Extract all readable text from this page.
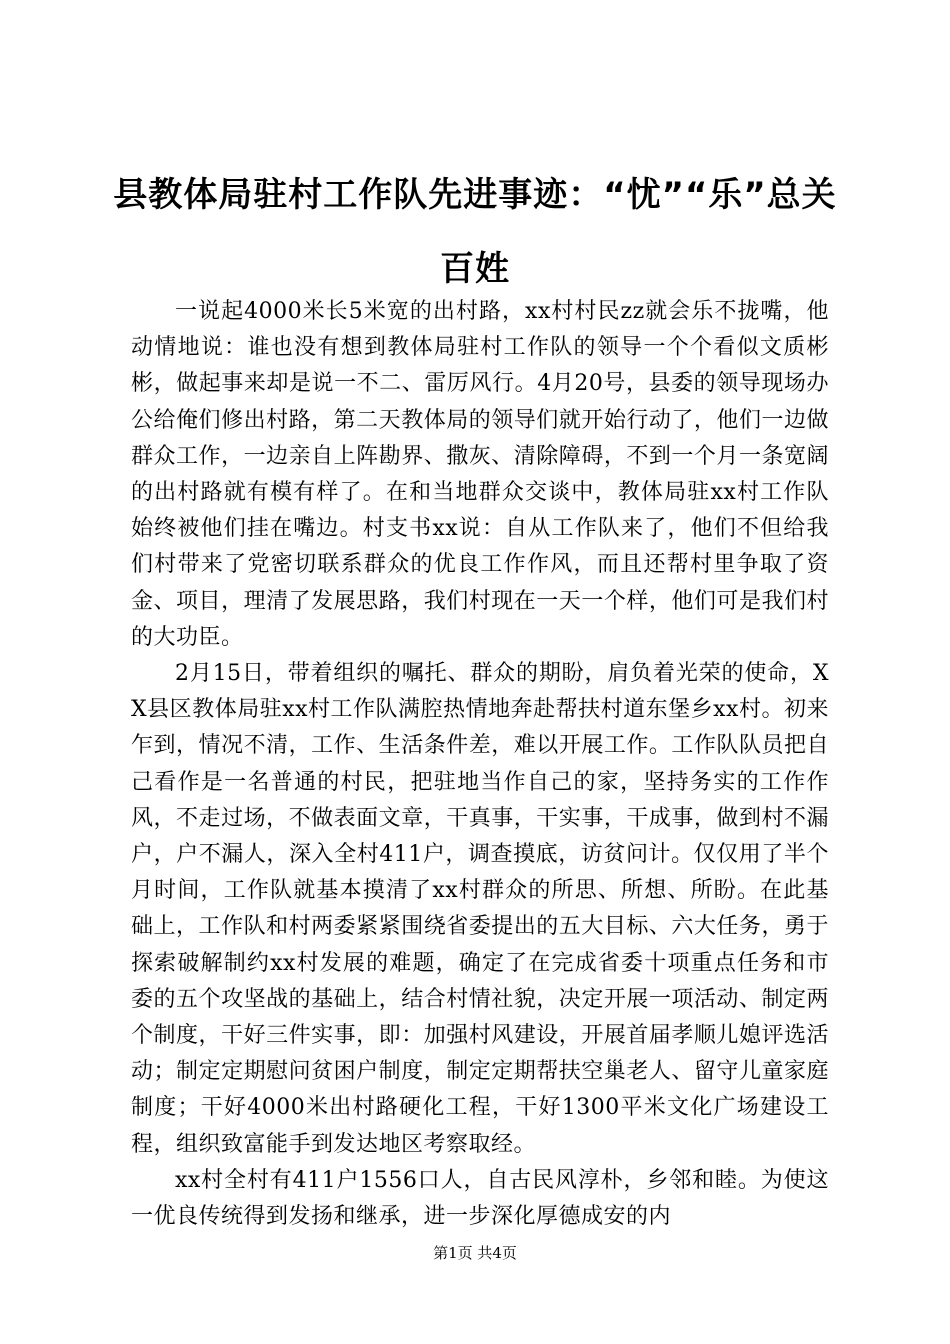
县教体局驻村工作队先进事迹：“忧”“乐”总关百姓

一说起4000米长5米宽的出村路，xx村村民zz就会乐不拢嘴，他动情地说：谁也没有想到教体局驻村工作队的领导一个个看似文质彬彬，做起事来却是说一不二、雷厉风行。4月20号，县委的领导现场办公给俺们修出村路，第二天教体局的领导们就开始行动了，他们一边做群众工作，一边亲自上阵勘界、撒灰、清除障碍，不到一个月一条宽阔的出村路就有模有样了。在和当地群众交谈中，教体局驻xx村工作队始终被他们挂在嘴边。村支书xx说：自从工作队来了，他们不但给我们村带来了党密切联系群众的优良工作作风，而且还帮村里争取了资金、项目，理清了发展思路，我们村现在一天一个样，他们可是我们村的大功臣。

2月15日，带着组织的嘱托、群众的期盼，肩负着光荣的使命，XX县区教体局驻xx村工作队满腔热情地奔赴帮扶村道东堡乡xx村。初来乍到，情况不清，工作、生活条件差，难以开展工作。工作队队员把自己看作是一名普通的村民，把驻地当作自己的家，坚持务实的工作作风，不走过场，不做表面文章，干真事，干实事，干成事，做到村不漏户，户不漏人，深入全村411户，调查摸底，访贫问计。仅仅用了半个月时间，工作队就基本摸清了xx村群众的所思、所想、所盼。在此基础上，工作队和村两委紧紧围绕省委提出的五大目标、六大任务，勇于探索破解制约xx村发展的难题，确定了在完成省委十项重点任务和市委的五个攻坚战的基础上，结合村情社貌，决定开展一项活动、制定两个制度，干好三件实事，即：加强村风建设，开展首届孝顺儿媳评选活动；制定定期慰问贫困户制度，制定定期帮扶空巢老人、留守儿童家庭制度；干好4000米出村路硬化工程，干好1300平米文化广场建设工程，组织致富能手到发达地区考察取经。

xx村全村有411户1556口人，自古民风淳朴，乡邻和睦。为使这一优良传统得到发扬和继承，进一步深化厚德成安的内

第1页 共4页
